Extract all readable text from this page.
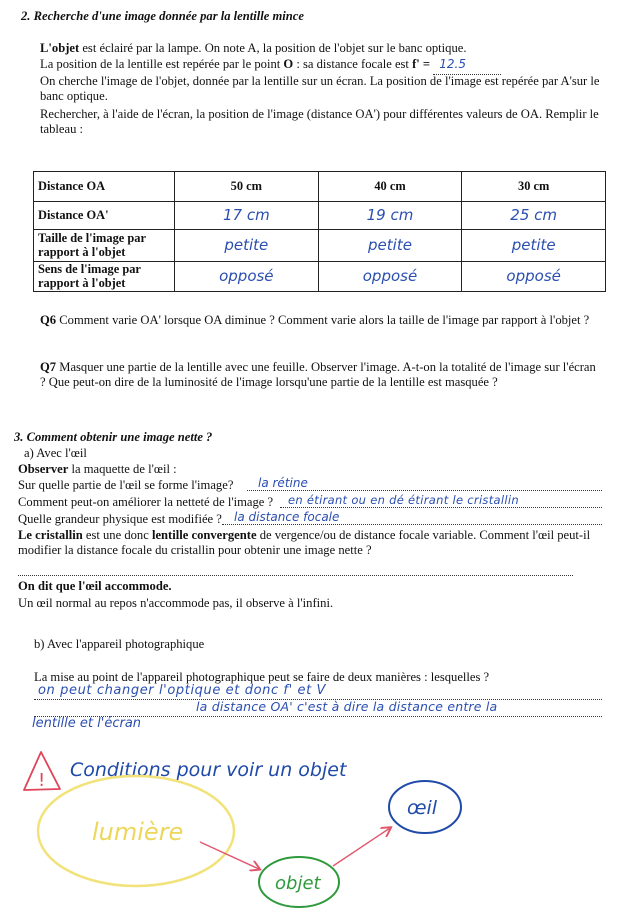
2. Recherche d'une image donnée par la lentille mince
L'objet est éclairé par la lampe. On note A, la position de l'objet sur le banc optique.
La position de la lentille est repérée par le point O : sa distance focale est f' = 12.5
On cherche l'image de l'objet, donnée par la lentille sur un écran. La position de l'image est repérée par A'sur le banc optique.
Rechercher, à l'aide de l'écran, la position de l'image (distance OA') pour différentes valeurs de OA. Remplir le tableau :
Distance OA	50 cm	40 cm	30 cm
Distance OA'	17 cm	19 cm	25 cm
Taille de l'image par rapport à l'objet	petite	petite	petite
Sens de l'image par rapport à l'objet	opposé	opposé	opposé
Q6 Comment varie OA' lorsque OA diminue ? Comment varie alors la taille de l'image par rapport à l'objet ?
Q7 Masquer une partie de la lentille avec une feuille. Observer l'image. A-t-on la totalité de l'image sur l'écran ? Que peut-on dire de la luminosité de l'image lorsqu'une partie de la lentille est masquée ?
3. Comment obtenir une image nette ?
a) Avec l'œil
Observer la maquette de l'œil :
Sur quelle partie de l'œil se forme l'image? la rétine
Comment peut-on améliorer la netteté de l'image ? en étirant ou en dé étirant le cristallin
Quelle grandeur physique est modifiée ? la distance focale
Le cristallin est une donc lentille convergente de vergence/ou de distance focale variable. Comment l'œil peut-il modifier la distance focale du cristallin pour obtenir une image nette ?
On dit que l'œil accommode.
Un œil normal au repos n'accommode pas, il observe à l'infini.
b) Avec l'appareil photographique
La mise au point de l'appareil photographique peut se faire de deux manières : lesquelles ?
on peut changer l'optique et donc f' et V
la distance OA' c'est à dire la distance entre la
lentille et l'écran
! Conditions pour voir un objet
lumière
objet
œil
